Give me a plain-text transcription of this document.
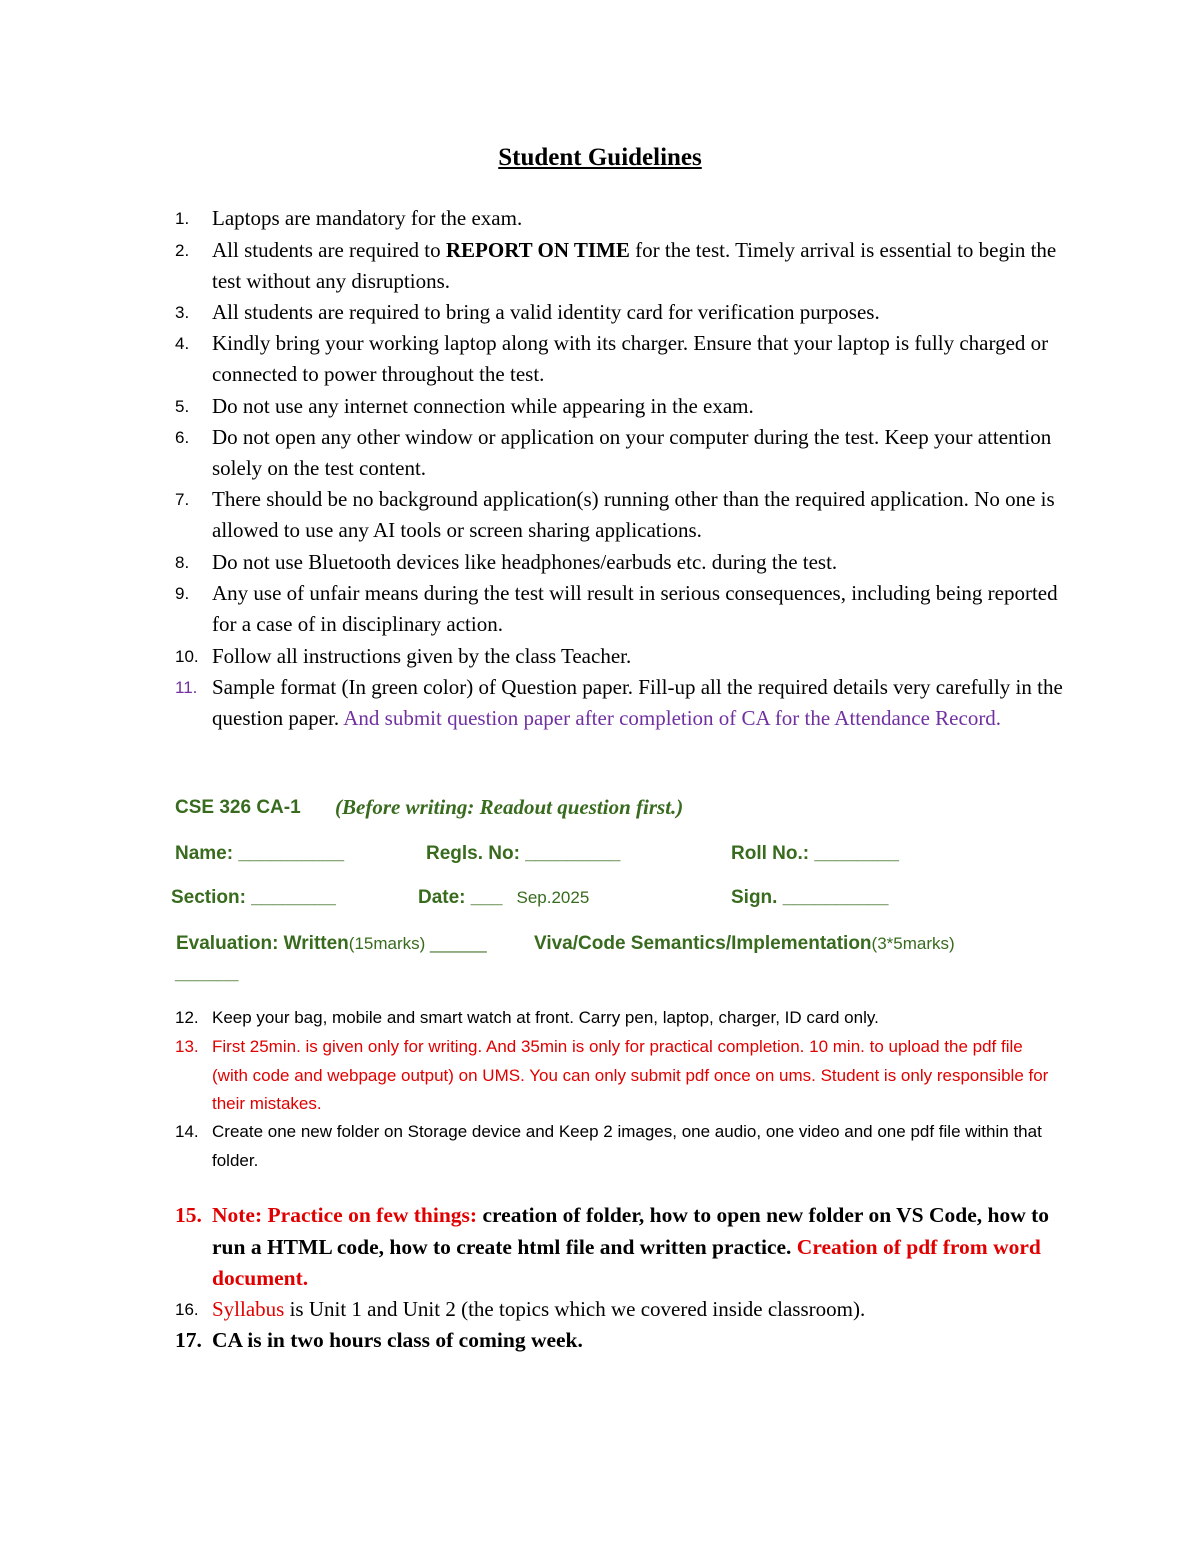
Student Guidelines
1.	Laptops are mandatory for the exam.
2.	All students are required to REPORT ON TIME for the test. Timely arrival is essential to begin the test without any disruptions.
3.	All students are required to bring a valid identity card for verification purposes.
4.	Kindly bring your working laptop along with its charger. Ensure that your laptop is fully charged or connected to power throughout the test.
5.	Do not use any internet connection while appearing in the exam.
6.	Do not open any other window or application on your computer during the test. Keep your attention solely on the test content.
7.	There should be no background application(s) running other than the required application. No one is allowed to use any AI tools or screen sharing applications.
8.	Do not use Bluetooth devices like headphones/earbuds etc. during the test.
9.	Any use of unfair means during the test will result in serious consequences, including being reported for a case of in disciplinary action.
10. Follow all instructions given by the class Teacher.
11. Sample format (In green color) of Question paper. Fill-up all the required details very carefully in the question paper. And submit question paper after completion of CA for the Attendance Record.
CSE 326 CA-1 (Before writing: Readout question first.)
Name: __________	Regls. No: _________	Roll No.: ________
Section: ________	Date: ___ Sep.2025	Sign. __________
Evaluation: Written(15marks) ______ Viva/Code Semantics/Implementation(3*5marks)
______
12. Keep your bag, mobile and smart watch at front. Carry pen, laptop, charger, ID card only.
13. First 25min. is given only for writing. And 35min is only for practical completion. 10 min. to upload the pdf file (with code and webpage output) on UMS. You can only submit pdf once on ums. Student is only responsible for their mistakes.
14. Create one new folder on Storage device and Keep 2 images, one audio, one video and one pdf file within that folder.
15. Note: Practice on few things: creation of folder, how to open new folder on VS Code, how to run a HTML code, how to create html file and written practice. Creation of pdf from word document.
16. Syllabus is Unit 1 and Unit 2 (the topics which we covered inside classroom).
17. CA is in two hours class of coming week.
